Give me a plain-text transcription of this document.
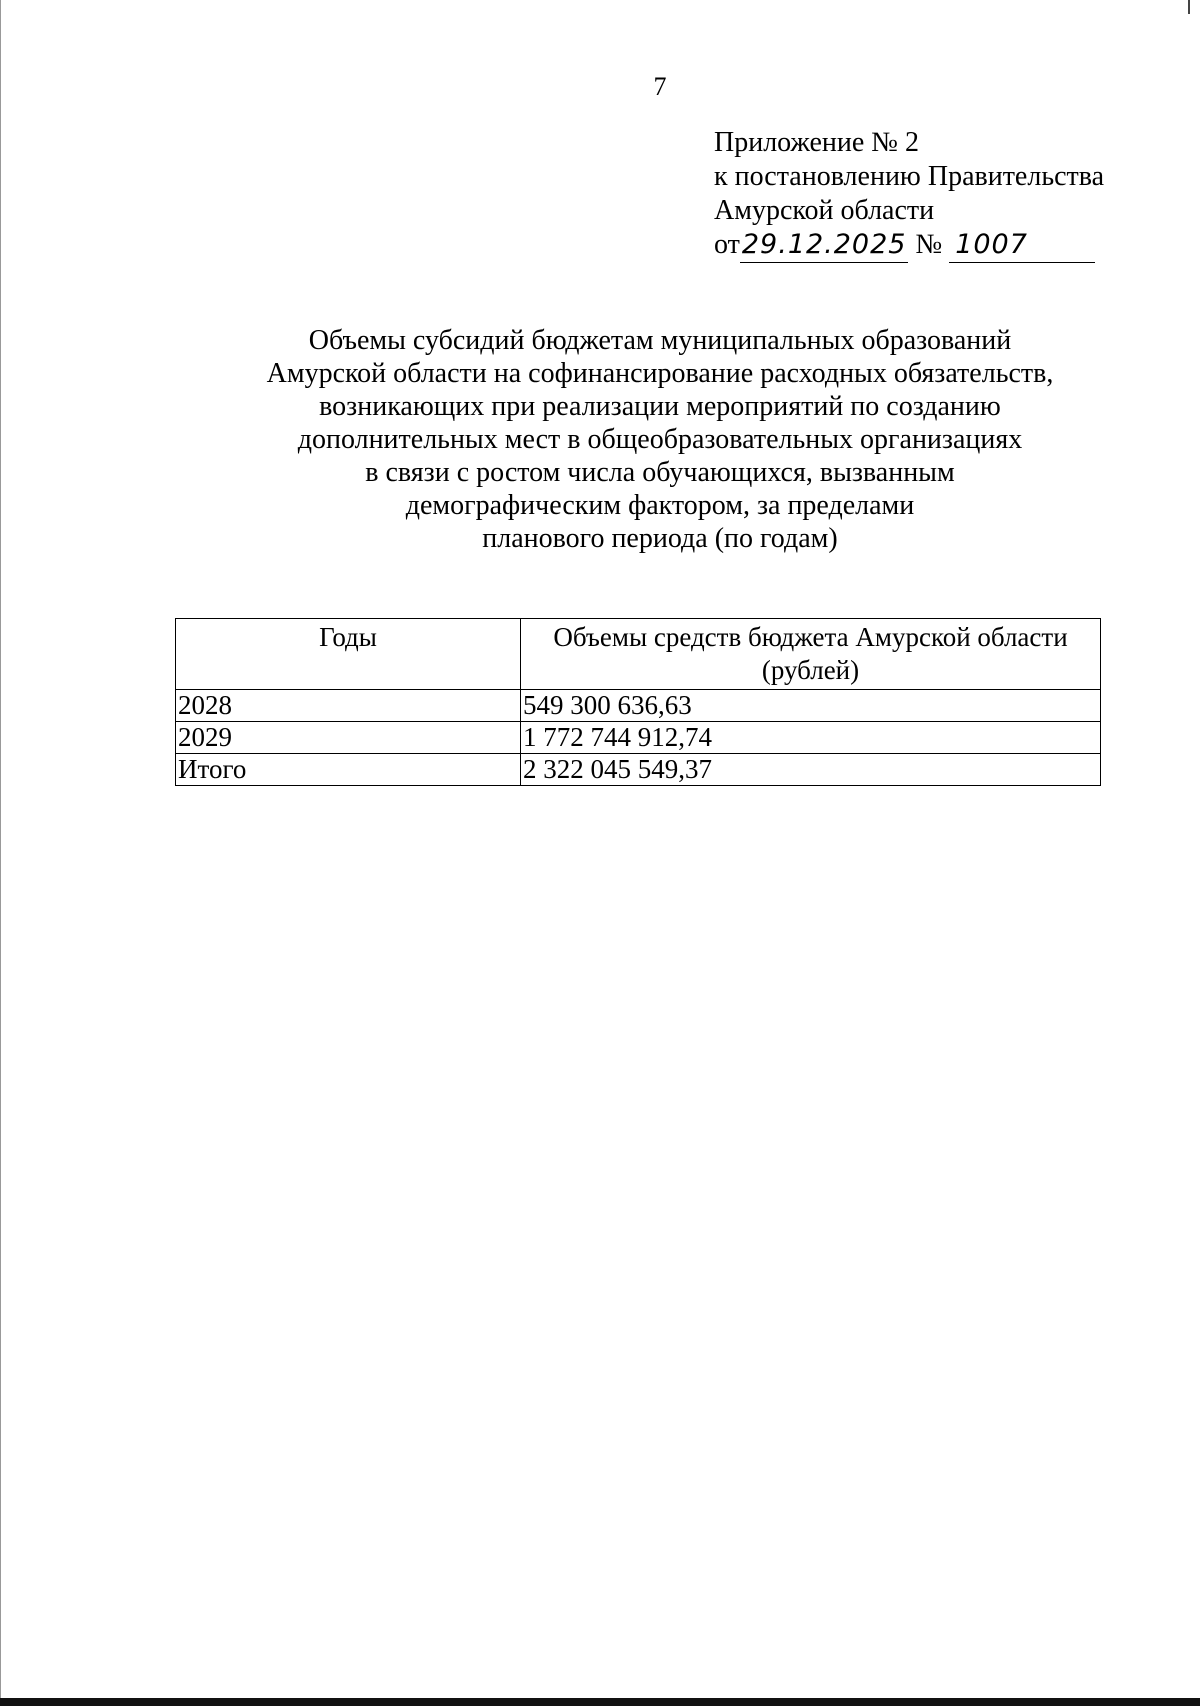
7
Приложение № 2
к постановлению Правительства
Амурской области
от29.12.2025 № 1007
Объемы субсидий бюджетам муниципальных образований
Амурской области на софинансирование расходных обязательств,
возникающих при реализации мероприятий по созданию
дополнительных мест в общеобразовательных организациях
в связи с ростом числа обучающихся, вызванным
демографическим фактором, за пределами
планового периода (по годам)
Годы	Объемы средств бюджета Амурской области (рублей)
2028	549 300 636,63
2029	1 772 744 912,74
Итого	2 322 045 549,37
